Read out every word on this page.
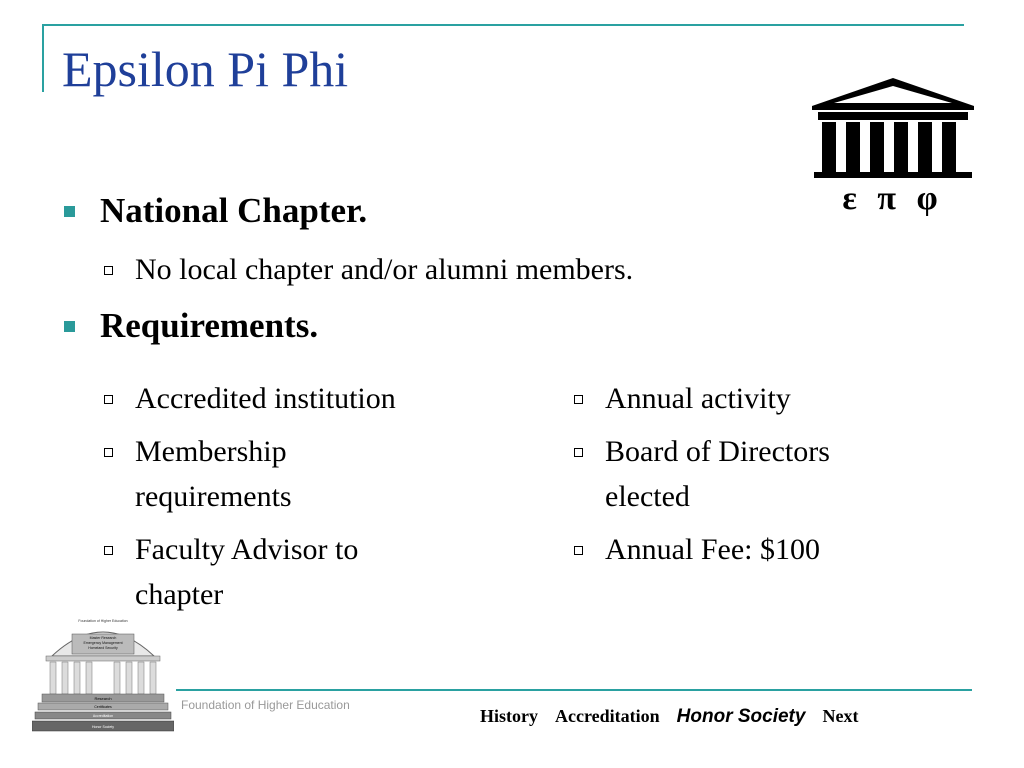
Epsilon Pi Phi
ε π φ
National Chapter.
No local chapter and/or alumni members.
Requirements.
Accredited institution
Membership requirements
Faculty Advisor to chapter
Annual activity
Board of Directors elected
Annual Fee: $100
Foundation of Higher Education
Master Research
Emergency Management
Homeland Security
Research
Certificates
Accreditation
Honor Society
Foundation of Higher Education
History Accreditation Honor Society Next
